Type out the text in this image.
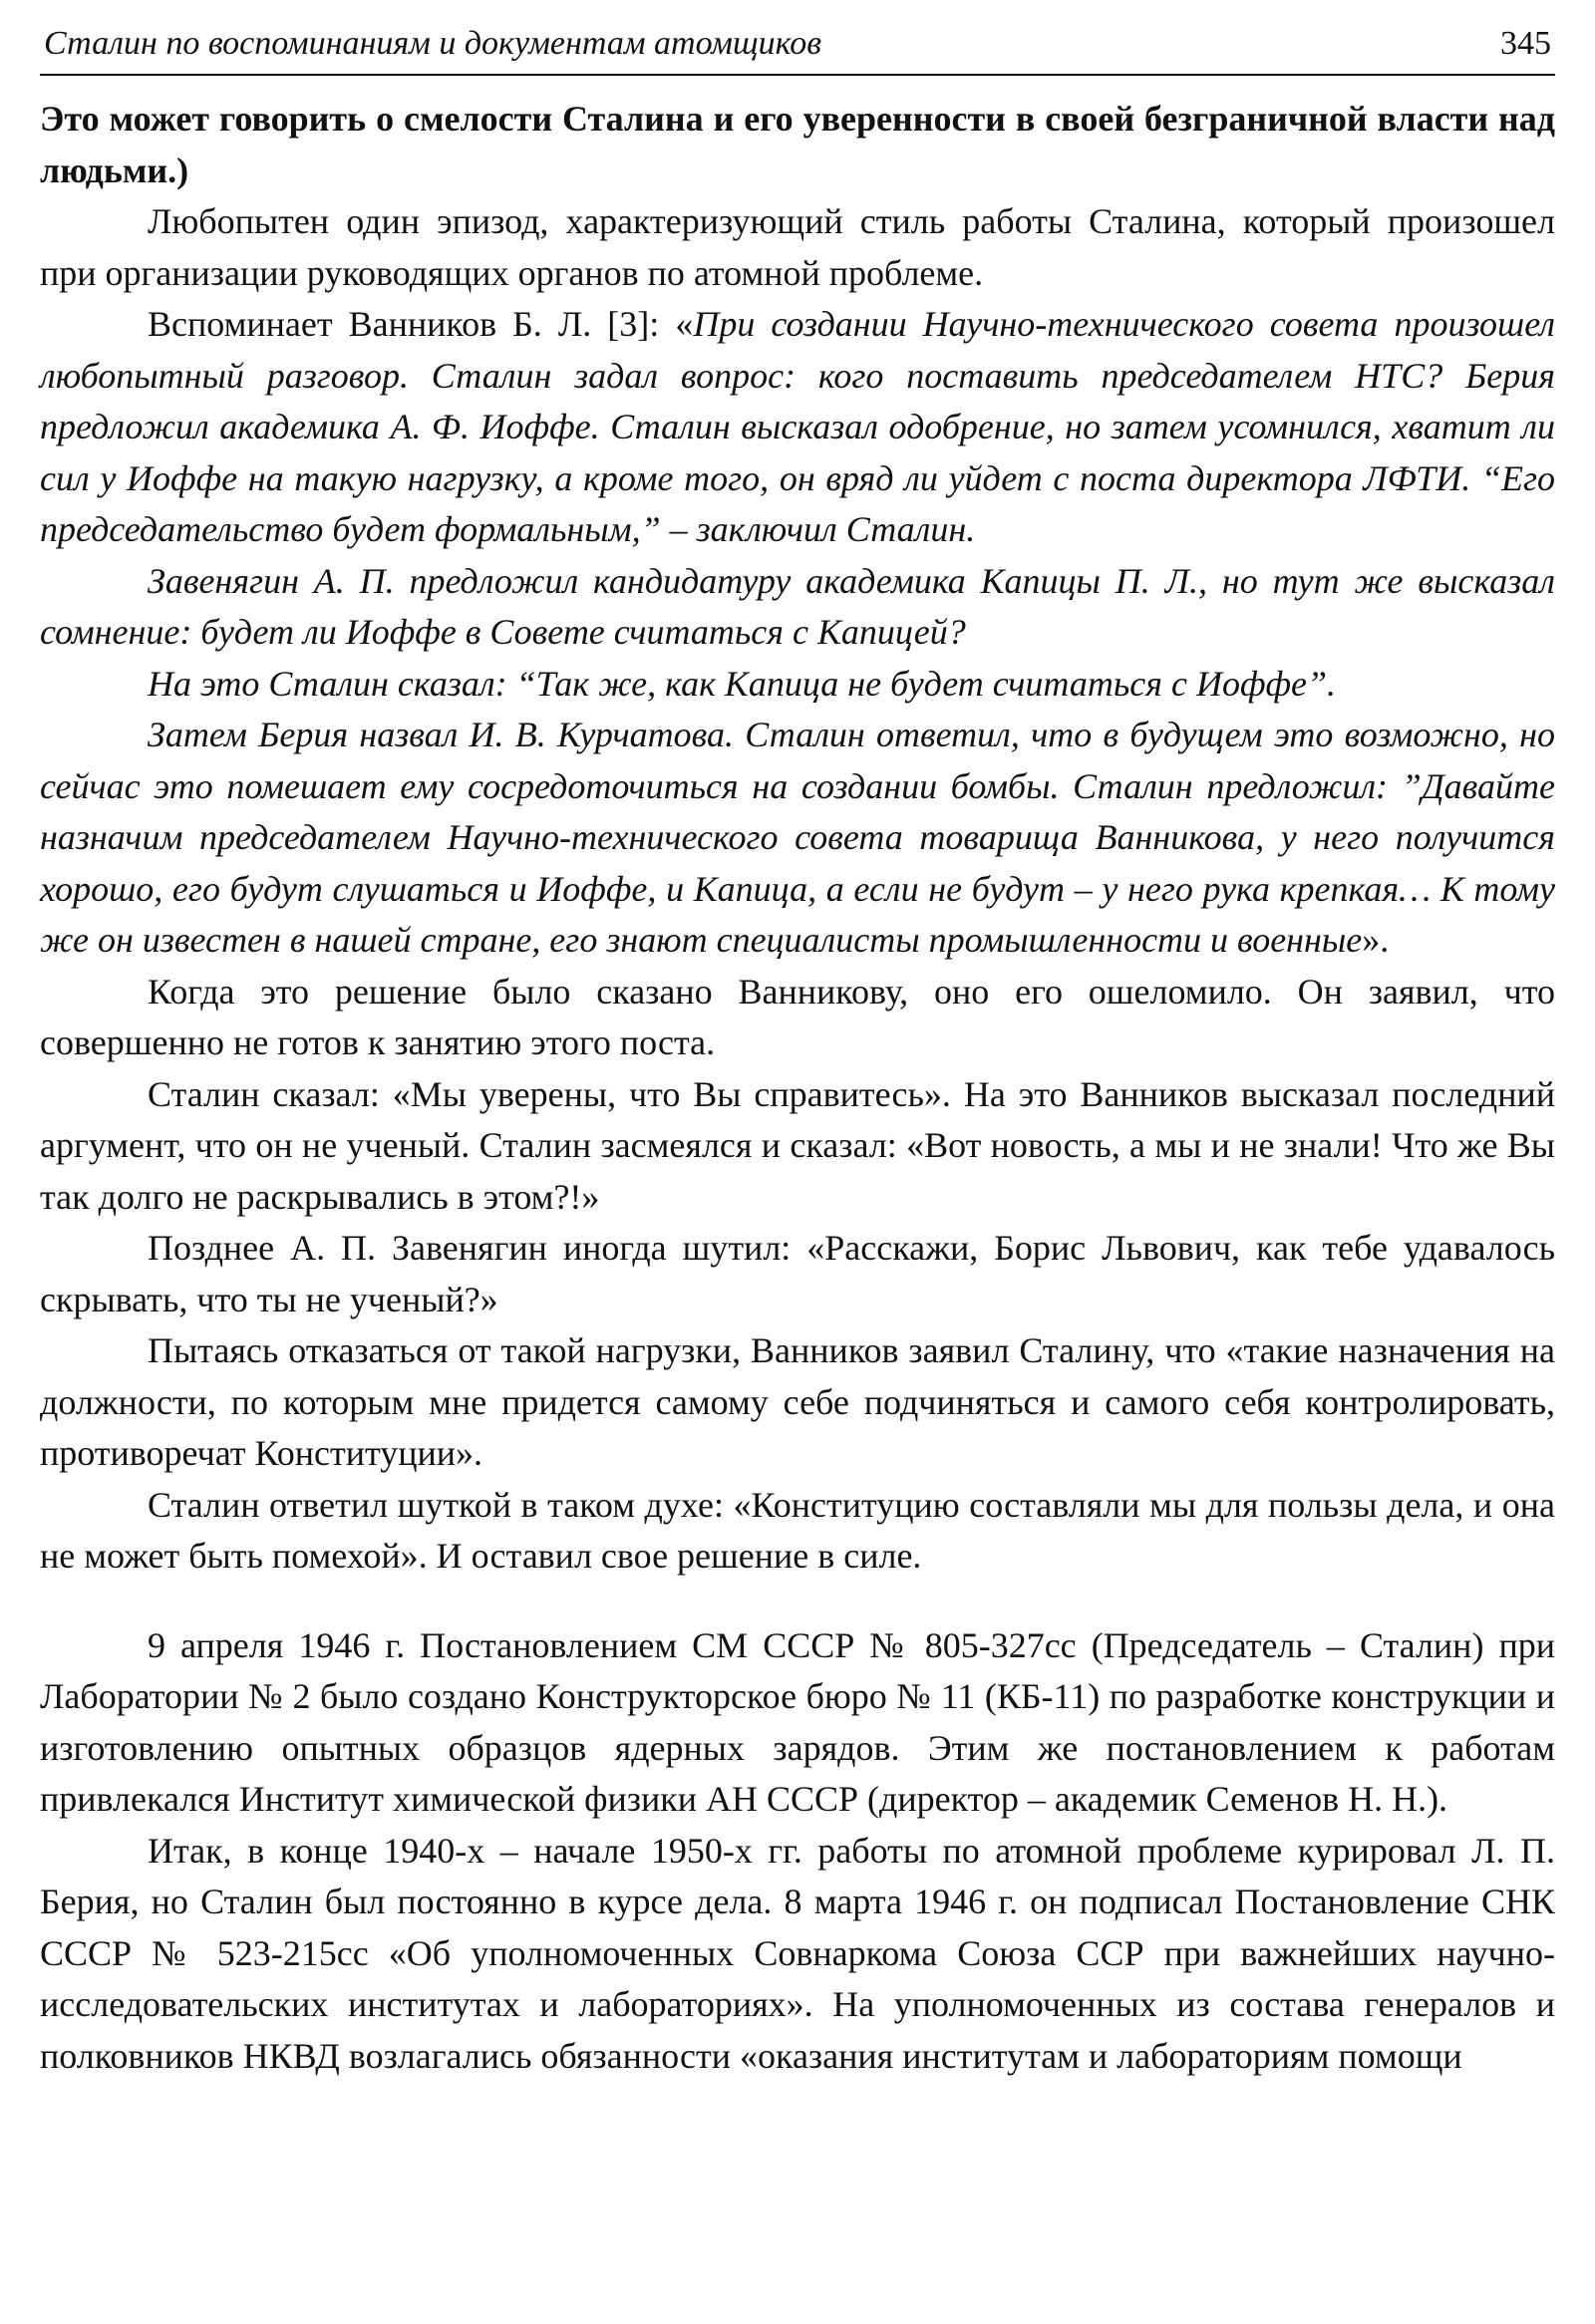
Сталин по воспоминаниям и документам атомщиков	345

Это может говорить о смелости Сталина и его уверенности в своей безграничной власти над людьми.)

Любопытен один эпизод, характеризующий стиль работы Сталина, который произошел при организации руководящих органов по атомной проблеме.

Вспоминает Ванников Б. Л. [3]: «При создании Научно-технического совета произошел любопытный разговор. Сталин задал вопрос: кого поставить председателем НТС? Берия предложил академика А. Ф. Иоффе. Сталин высказал одобрение, но затем усомнился, хватит ли сил у Иоффе на такую нагрузку, а кроме того, он вряд ли уйдет с поста директора ЛФТИ. “Его председательство будет формальным,” – заключил Сталин.

Завенягин А. П. предложил кандидатуру академика Капицы П. Л., но тут же высказал сомнение: будет ли Иоффе в Совете считаться с Капицей?

На это Сталин сказал: “Так же, как Капица не будет считаться с Иоффе”.

Затем Берия назвал И. В. Курчатова. Сталин ответил, что в будущем это возможно, но сейчас это помешает ему сосредоточиться на создании бомбы. Сталин предложил: ”Давайте назначим председателем Научно-технического совета товарища Ванникова, у него получится хорошо, его будут слушаться и Иоффе, и Капица, а если не будут – у него рука крепкая… К тому же он известен в нашей стране, его знают специалисты промышленности и военные».

Когда это решение было сказано Ванникову, оно его ошеломило. Он заявил, что совершенно не готов к занятию этого поста.

Сталин сказал: «Мы уверены, что Вы справитесь». На это Ванников высказал последний аргумент, что он не ученый. Сталин засмеялся и сказал: «Вот новость, а мы и не знали! Что же Вы так долго не раскрывались в этом?!»

Позднее А. П. Завенягин иногда шутил: «Расскажи, Борис Львович, как тебе удавалось скрывать, что ты не ученый?»

Пытаясь отказаться от такой нагрузки, Ванников заявил Сталину, что «такие назначения на должности, по которым мне придется самому себе подчиняться и самого себя контролировать, противоречат Конституции».

Сталин ответил шуткой в таком духе: «Конституцию составляли мы для пользы дела, и она не может быть помехой». И оставил свое решение в силе.

9 апреля 1946 г. Постановлением СМ СССР № 805-327сс (Председатель – Сталин) при Лаборатории № 2 было создано Конструкторское бюро № 11 (КБ-11) по разработке конструкции и изготовлению опытных образцов ядерных зарядов. Этим же постановлением к работам привлекался Институт химической физики АН СССР (директор – академик Семенов Н. Н.).

Итак, в конце 1940-х – начале 1950-х гг. работы по атомной проблеме курировал Л. П. Берия, но Сталин был постоянно в курсе дела. 8 марта 1946 г. он подписал Постановление СНК СССР № 523-215сс «Об уполномоченных Совнаркома Союза ССР при важнейших научно-исследовательских институтах и лабораториях». На уполномоченных из состава генералов и полковников НКВД возлагались обязанности «оказания институтам и лабораториям помощи
